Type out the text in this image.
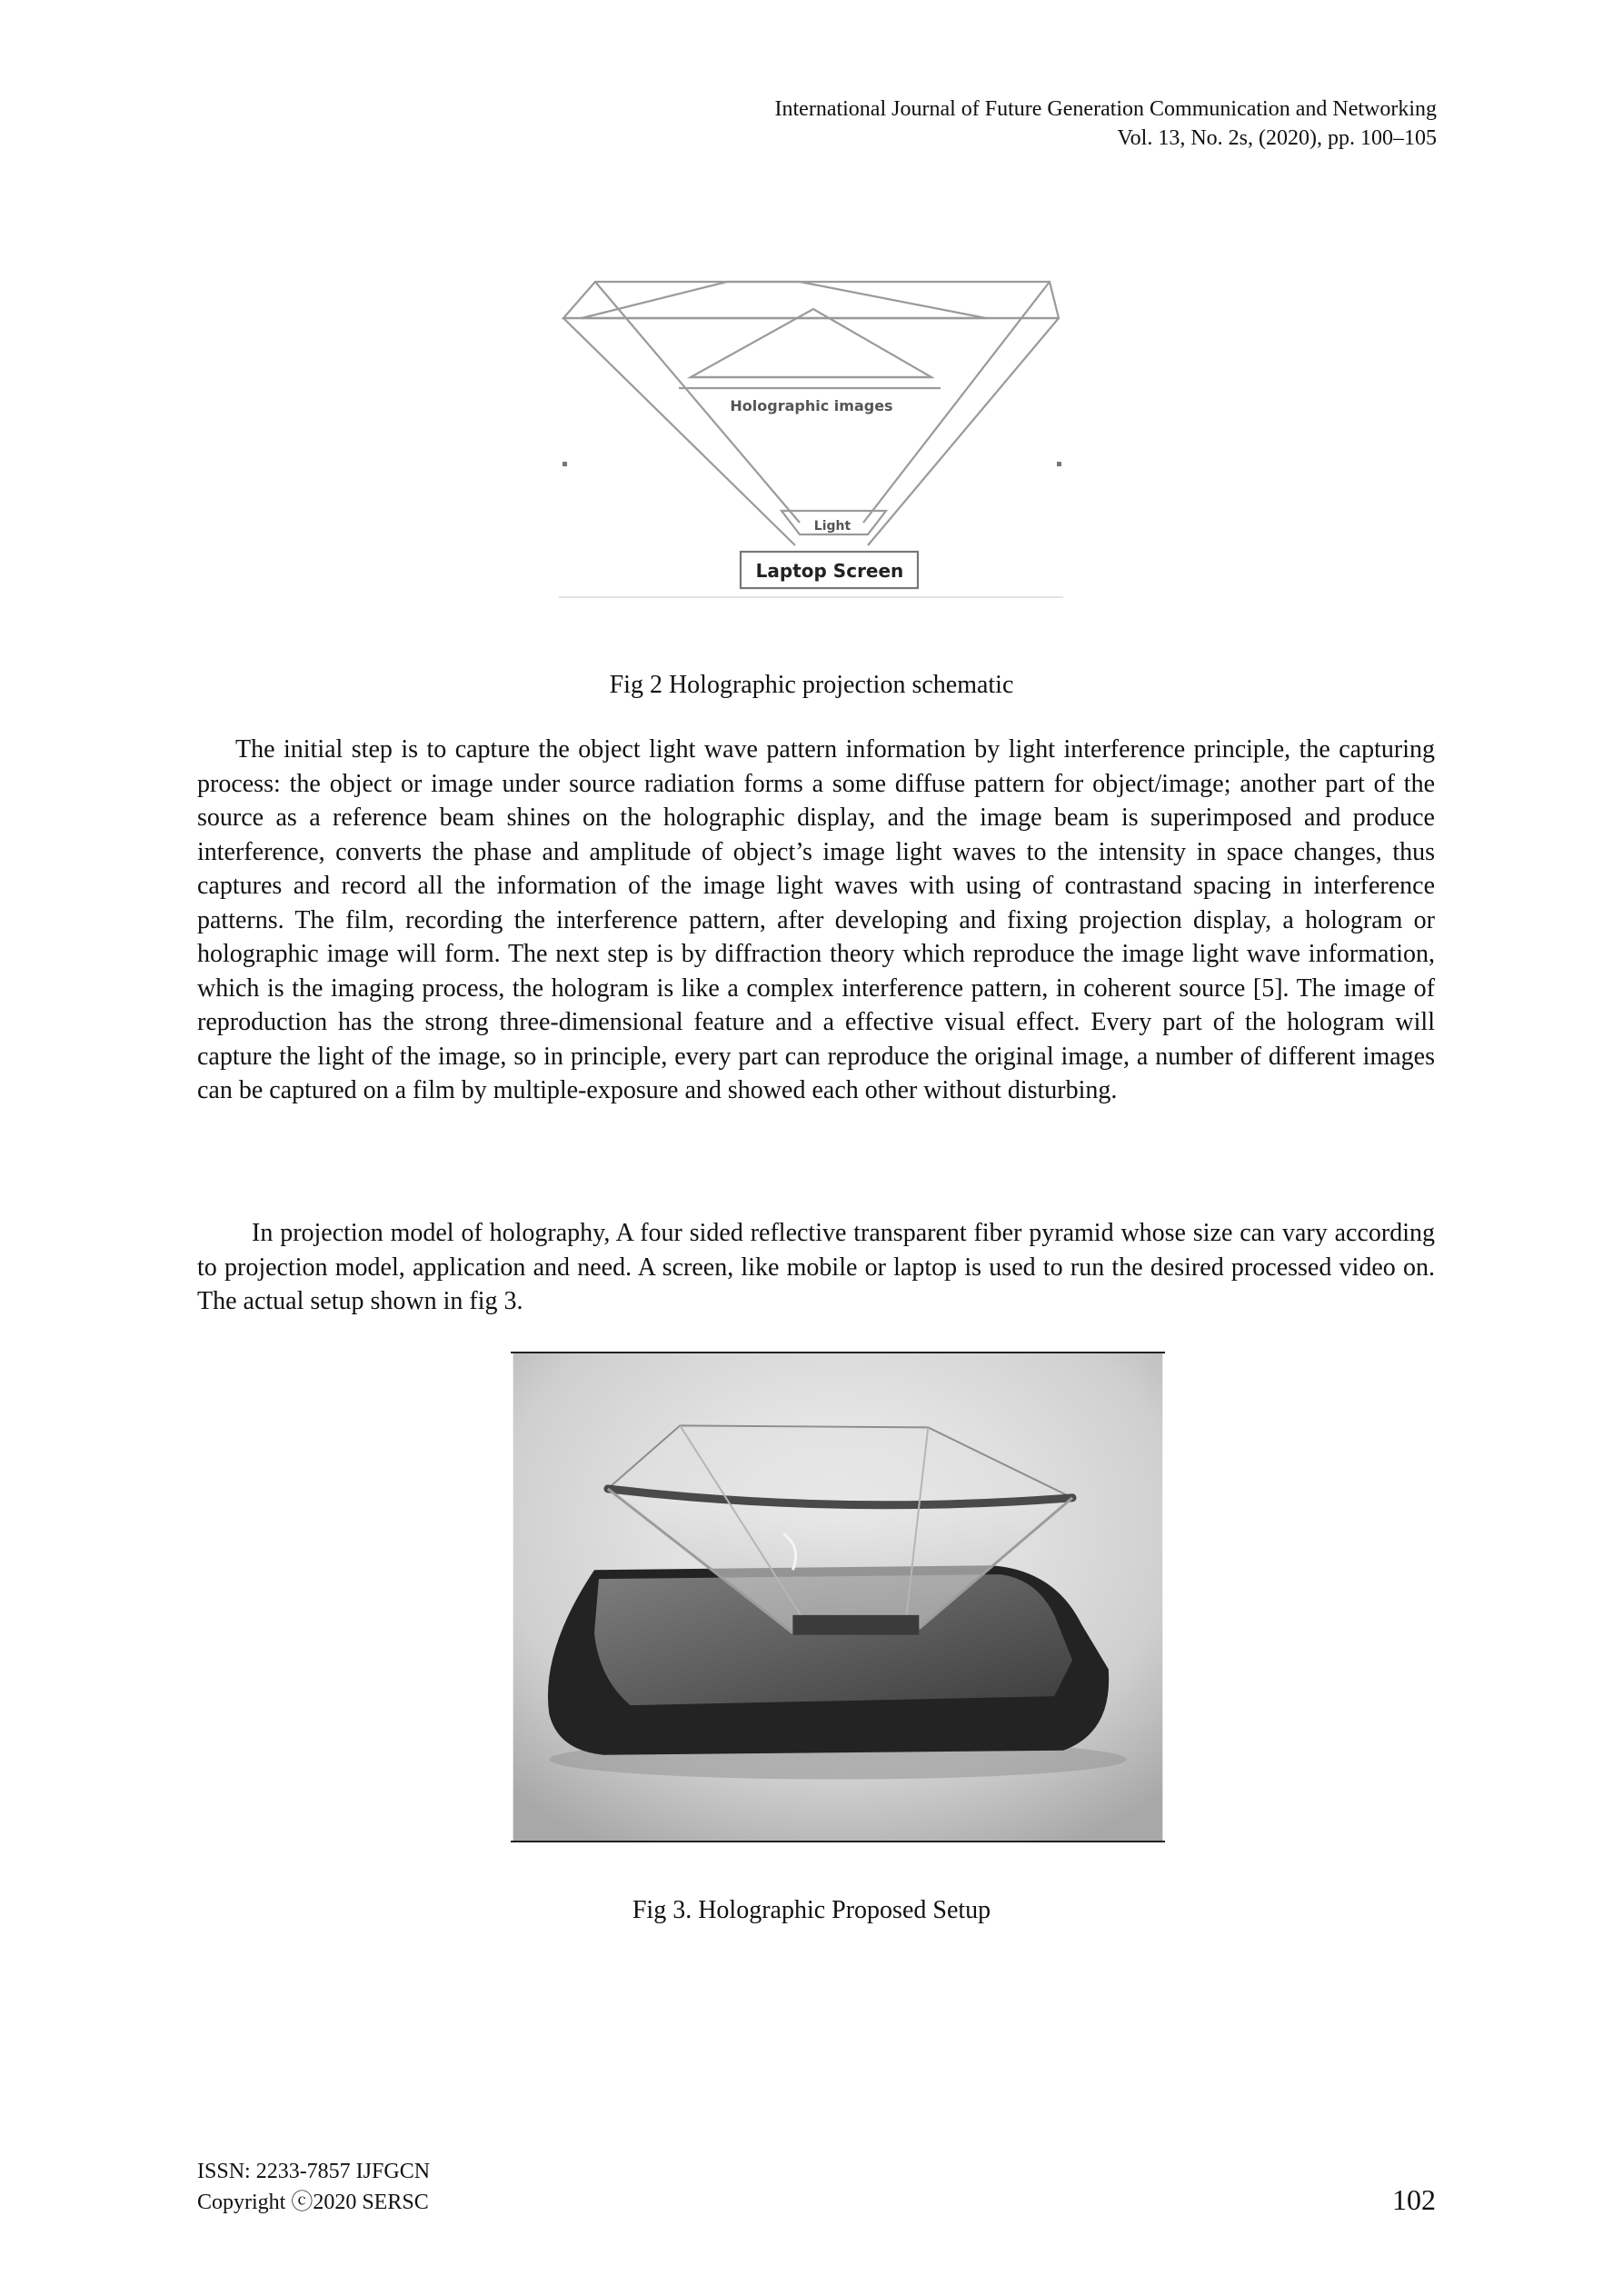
International Journal of Future Generation Communication and Networking
Vol. 13, No. 2s, (2020), pp. 100–105
Holographic images
Light
Laptop Screen
Fig 2 Holographic projection schematic

The initial step is to capture the object light wave pattern information by light interference principle, the capturing process: the object or image under source radiation forms a some diffuse pattern for object/image; another part of the source as a reference beam shines on the holographic display, and the image beam is superimposed and produce interference, converts the phase and amplitude of object’s image light waves to the intensity in space changes, thus captures and record all the information of the image light waves with using of contrastand spacing in interference patterns. The film, recording the interference pattern, after developing and fixing projection display, a hologram or holographic image will form. The next step is by diffraction theory which reproduce the image light wave information, which is the imaging process, the hologram is like a complex interference pattern, in coherent source [5]. The image of reproduction has the strong three-dimensional feature and a effective visual effect. Every part of the hologram will capture the light of the image, so in principle, every part can reproduce the original image, a number of different images can be captured on a film by multiple-exposure and showed each other without disturbing.

In projection model of holography, A four sided reflective transparent fiber pyramid whose size can vary according to projection model, application and need. A screen, like mobile or laptop is used to run the desired processed video on. The actual setup shown in fig 3.

Fig 3. Holographic Proposed Setup
ISSN: 2233-7857 IJFGCN
Copyright ⓒ2020 SERSC	102
